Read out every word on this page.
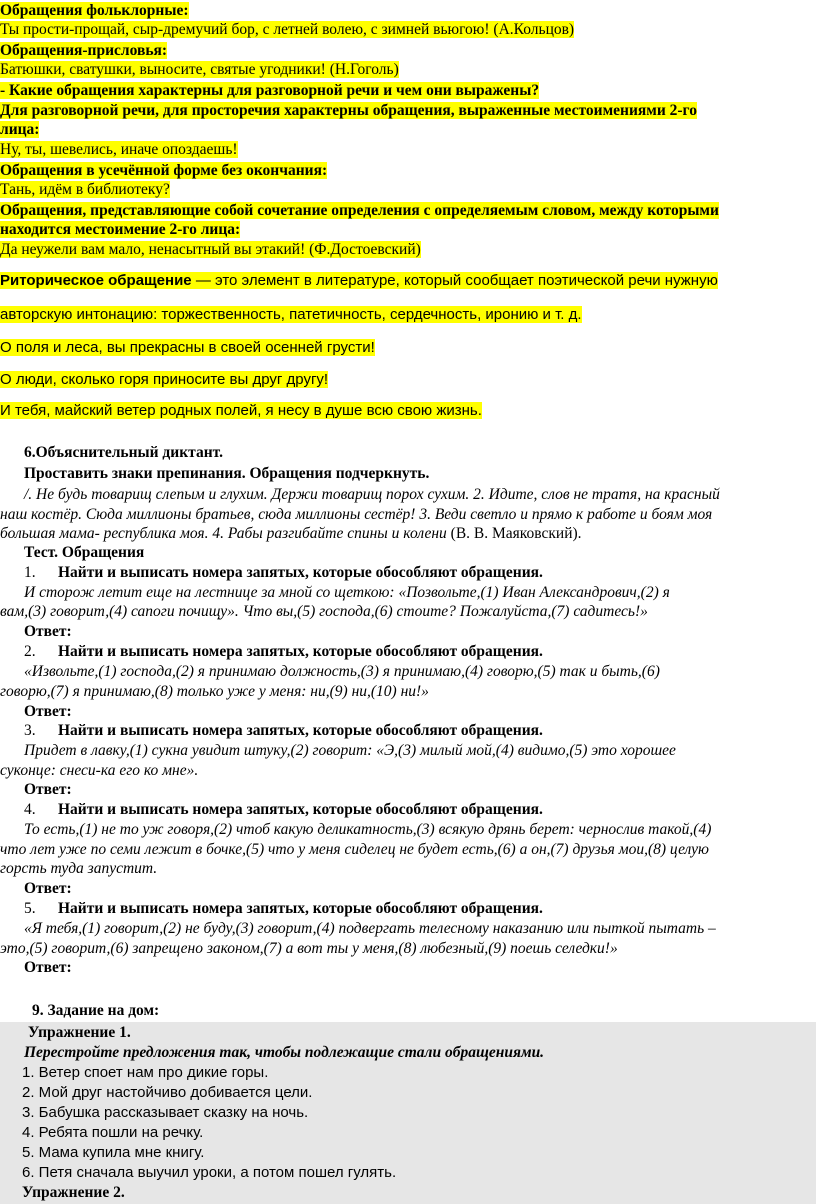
Обращения фольклорные:
Ты прости-прощай, сыр-дремучий бор, с летней волею, с зимней вьюгою! (А.Кольцов)
Обращения-присловья:
Батюшки, сватушки, выносите, святые угодники! (Н.Гоголь)
- Какие обращения характерны для разговорной речи и чем они выражены?
Для разговорной речи, для просторечия характерны обращения, выраженные местоимениями 2-го
лица:
Ну, ты, шевелись, иначе опоздаешь!
Обращения в усечённой форме без окончания:
Тань, идём в библиотеку?
Обращения, представляющие собой сочетание определения с определяемым словом, между которыми
находится местоимение 2-го лица:
Да неужели вам мало, ненасытный вы этакий! (Ф.Достоевский)
Риторическое обращение — это элемент в литературе, который сообщает поэтической речи нужную
авторскую интонацию: торжественность, патетичность, сердечность, иронию и т. д.
О поля и леса, вы прекрасны в своей осенней грусти!
О люди, сколько горя приносите вы друг другу!
И тебя, майский ветер родных полей, я несу в душе всю свою жизнь.
6.Объяснительный диктант.
Проставить знаки препинания. Обращения подчеркнуть.
/. Не будь товарищ слепым и глухим. Держи товарищ порох сухим. 2. Идите, слов не тратя, на красный
наш костёр. Сюда миллионы братьев, сюда миллионы сестёр! 3. Веди светло и прямо к работе и боям моя
большая мама- республика моя. 4. Рабы разгибайте спины и колени (В. В. Маяковский).
Тест. Обращения
1. Найти и выписать номера запятых, которые обособляют обращения.
И сторож летит еще на лестнице за мной со щеткою: «Позвольте,(1) Иван Александрович,(2) я
вам,(3) говорит,(4) сапоги почищу». Что вы,(5) господа,(6) стоите? Пожалуйста,(7) садитесь!»
Ответ:
2. Найти и выписать номера запятых, которые обособляют обращения.
«Извольте,(1) господа,(2) я принимаю должность,(3) я принимаю,(4) говорю,(5) так и быть,(6)
говорю,(7) я принимаю,(8) только уже у меня: ни,(9) ни,(10) ни!»
Ответ:
3. Найти и выписать номера запятых, которые обособляют обращения.
Придет в лавку,(1) сукна увидит штуку,(2) говорит: «Э,(3) милый мой,(4) видимо,(5) это хорошее
суконце: снеси-ка его ко мне».
Ответ:
4. Найти и выписать номера запятых, которые обособляют обращения.
То есть,(1) не то уж говоря,(2) чтоб какую деликатность,(3) всякую дрянь берет: чернослив такой,(4)
что лет уже по семи лежит в бочке,(5) что у меня сиделец не будет есть,(6) а он,(7) друзья мои,(8) целую
горсть туда запустит.
Ответ:
5. Найти и выписать номера запятых, которые обособляют обращения.
«Я тебя,(1) говорит,(2) не буду,(3) говорит,(4) подвергать телесному наказанию или пыткой пытать –
это,(5) говорит,(6) запрещено законом,(7) а вот ты у меня,(8) любезный,(9) поешь селедки!»
Ответ:
9. Задание на дом:
Упражнение 1.
Перестройте предложения так, чтобы подлежащие стали обращениями.
1. Ветер споет нам про дикие горы.
2. Мой друг настойчиво добивается цели.
3. Бабушка рассказывает сказку на ночь.
4. Ребята пошли на речку.
5. Мама купила мне книгу.
6. Петя сначала выучил уроки, а потом пошел гулять.
Упражнение 2.
